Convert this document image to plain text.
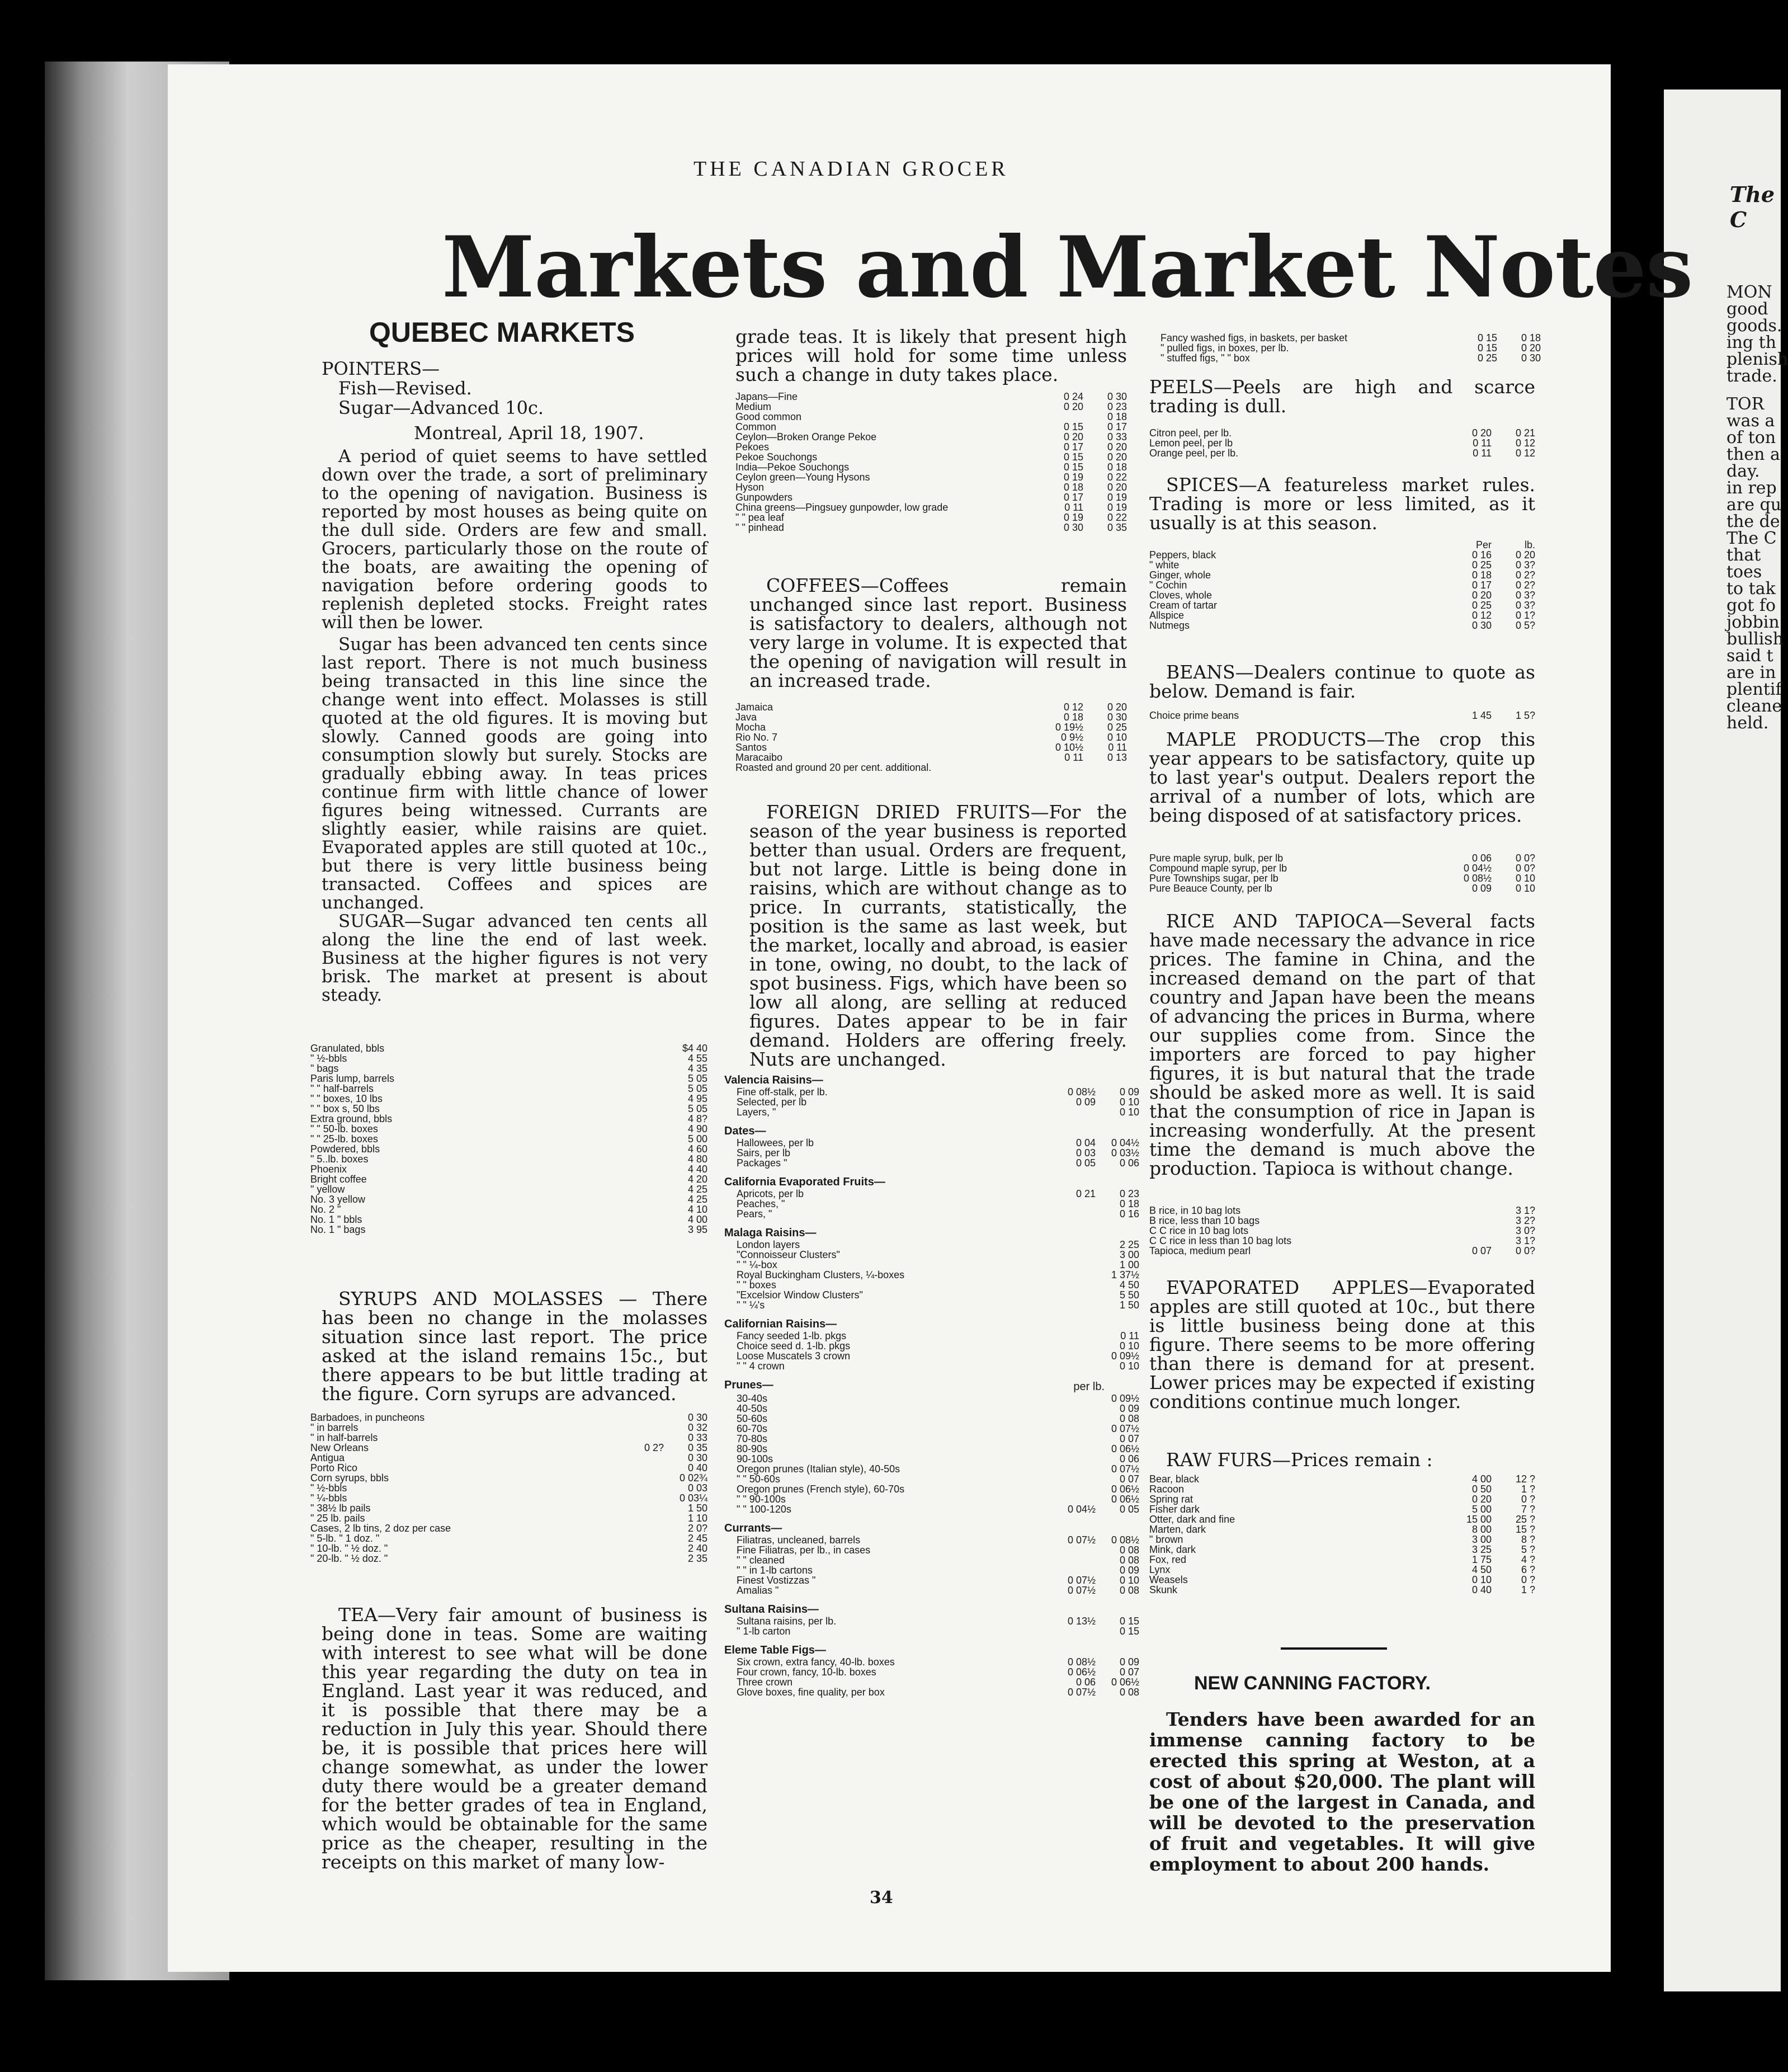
The C
MON
good
goods.
ing th
plenish
trade.
TOR
was a
of ton
then a
day.
in rep
are qu
the de
The C
that
toes
to tak
got fo
jobbin
bullish
said t
are in
plentif
cleane
held.
THE CANADIAN GROCER
Markets and Market Notes
QUEBEC MARKETS
POINTERS—
Fish—Revised.
Sugar—Advanced 10c.
Montreal, April 18, 1907.

A period of quiet seems to have settled down over the trade, a sort of preliminary to the opening of navigation. Business is reported by most houses as being quite on the dull side. Orders are few and small. Grocers, particularly those on the route of the boats, are awaiting the opening of navigation before ordering goods to replenish depleted stocks. Freight rates will then be lower.

Sugar has been advanced ten cents since last report. There is not much business being transacted in this line since the change went into effect. Molasses is still quoted at the old figures. It is moving but slowly. Canned goods are going into consumption slowly but surely. Stocks are gradually ebbing away. In teas prices continue firm with little chance of lower figures being witnessed. Currants are slightly easier, while raisins are quiet. Evaporated apples are still quoted at 10c., but there is very little business being transacted. Coffees and spices are unchanged.

SUGAR—Sugar advanced ten cents all along the line the end of last week. Business at the higher figures is not very brisk. The market at present is about steady.

Granulated, bbls		$4 40
" ½-bbls		4 55
" bags		4 35
Paris lump, barrels		5 05
" " half-barrels		5 05
" " boxes, 10 lbs		4 95
" " box s, 50 lbs		5 05
Extra ground, bbls		4 8?
" " 50-lb. boxes		4 90
" " 25-lb. boxes		5 00
Powdered, bbls		4 60
" 5..lb. boxes		4 80
Phoenix		4 40
Bright coffee		4 20
" yellow		4 25
No. 3 yellow		4 25
No. 2 "		4 10
No. 1 " bbls		4 00
No. 1 " bags		3 95

SYRUPS AND MOLASSES — There has been no change in the molasses situation since last report. The price asked at the island remains 15c., but there appears to be but little trading at the figure. Corn syrups are advanced.

Barbadoes, in puncheons		0 30
" in barrels		0 32
" in half-barrels		0 33
New Orleans	0 2?	0 35
Antigua		0 30
Porto Rico		0 40
Corn syrups, bbls		0 02¾
" ½-bbls		0 03
" ¼-bbls		0 03¼
" 38½ lb pails		1 50
" 25 lb. pails		1 10
Cases, 2 lb tins, 2 doz per case		2 0?
" 5-lb. " 1 doz. "		2 45
" 10-lb. " ½ doz. "		2 40
" 20-lb. " ½ doz. "		2 35

TEA—Very fair amount of business is being done in teas. Some are waiting with interest to see what will be done this year regarding the duty on tea in England. Last year it was reduced, and it is possible that there may be a reduction in July this year. Should there be, it is possible that prices here will change somewhat, as under the lower duty there would be a greater demand for the better grades of tea in England, which would be obtainable for the same price as the cheaper, resulting in the receipts on this market of many low-

grade teas. It is likely that present high prices will hold for some time unless such a change in duty takes place.

Japans—Fine	0 24	0 30
Medium	0 20	0 23
Good common		0 18
Common	0 15	0 17
Ceylon—Broken Orange Pekoe	0 20	0 33
Pekoes	0 17	0 20
Pekoe Souchongs	0 15	0 20
India—Pekoe Souchongs	0 15	0 18
Ceylon green—Young Hysons	0 19	0 22
Hyson	0 18	0 20
Gunpowders	0 17	0 19
China greens—Pingsuey gunpowder, low grade	0 11	0 19
" " pea leaf	0 19	0 22
" " pinhead	0 30	0 35

COFFEES—Coffees remain unchanged since last report. Business is satisfactory to dealers, although not very large in volume. It is expected that the opening of navigation will result in an increased trade.

Jamaica	0 12	0 20
Java	0 18	0 30
Mocha	0 19½	0 25
Rio No. 7	0 9½	0 10
Santos	0 10½	0 11
Maracaibo	0 11	0 13
Roasted and ground 20 per cent. additional.		

FOREIGN DRIED FRUITS—For the season of the year business is reported better than usual. Orders are frequent, but not large. Little is being done in raisins, which are without change as to price. In currants, statistically, the position is the same as last week, but the market, locally and abroad, is easier in tone, owing, no doubt, to the lack of spot business. Figs, which have been so low all along, are selling at reduced figures. Dates appear to be in fair demand. Holders are offering freely. Nuts are unchanged.

Valencia Raisins—
Fine off-stalk, per lb.	0 08½	0 09
Selected, per lb	0 09	0 10
Layers, "		0 10
Dates—
Hallowees, per lb	0 04	0 04½
Sairs, per lb	0 03	0 03½
Packages "	0 05	0 06
California Evaporated Fruits—
Apricots, per lb	0 21	0 23
Peaches, "		0 18
Pears, "		0 16
Malaga Raisins—
London layers		2 25
"Connoisseur Clusters"		3 00
" " ¼-box		1 00
Royal Buckingham Clusters, ¼-boxes		1 37½
" " boxes		4 50
"Excelsior Window Clusters"		5 50
" " ¼'s		1 50
Californian Raisins—
Fancy seeded 1-lb. pkgs		0 11
Choice seed d. 1-lb. pkgs		0 10
Loose Muscatels 3 crown		0 09½
" " 4 crown		0 10
Prunes—	per lb.
30-40s		0 09½
40-50s		0 09
50-60s		0 08
60-70s		0 07½
70-80s		0 07
80-90s		0 06½
90-100s		0 06
Oregon prunes (Italian style), 40-50s		0 07½
" " 50-60s		0 07
Oregon prunes (French style), 60-70s		0 06½
" " 90-100s		0 06½
" " 100-120s	0 04½	0 05
Currants—
Filiatras, uncleaned, barrels	0 07½	0 08½
Fine Filiatras, per lb., in cases		0 08
" " cleaned		0 08
" " in 1-lb cartons		0 09
Finest Vostizzas "	0 07½	0 10
Amalias "	0 07½	0 08
Sultana Raisins—
Sultana raisins, per lb.	0 13½	0 15
" 1-lb carton		0 15
Eleme Table Figs—
Six crown, extra fancy, 40-lb. boxes	0 08½	0 09
Four crown, fancy, 10-lb. boxes	0 06½	0 07
Three crown	0 06	0 06½
Glove boxes, fine quality, per box	0 07½	0 08
34
Fancy washed figs, in baskets, per basket	0 15	0 18
" pulled figs, in boxes, per lb.	0 15	0 20
" stuffed figs, " " box	0 25	0 30

PEELS—Peels are high and scarce trading is dull.

Citron peel, per lb.	0 20	0 21
Lemon peel, per lb	0 11	0 12
Orange peel, per lb.	0 11	0 12

SPICES—A featureless market rules. Trading is more or less limited, as it usually is at this season.

	Per	lb.
Peppers, black	0 16	0 20
" white	0 25	0 3?
Ginger, whole	0 18	0 2?
" Cochin	0 17	0 2?
Cloves, whole	0 20	0 3?
Cream of tartar	0 25	0 3?
Allspice	0 12	0 1?
Nutmegs	0 30	0 5?

BEANS—Dealers continue to quote as below. Demand is fair.

Choice prime beans	1 45	1 5?

MAPLE PRODUCTS—The crop this year appears to be satisfactory, quite up to last year's output. Dealers report the arrival of a number of lots, which are being disposed of at satisfactory prices.

Pure maple syrup, bulk, per lb	0 06	0 0?
Compound maple syrup, per lb	0 04½	0 0?
Pure Townships sugar, per lb	0 08½	0 10
Pure Beauce County, per lb	0 09	0 10

RICE AND TAPIOCA—Several facts have made necessary the advance in rice prices. The famine in China, and the increased demand on the part of that country and Japan have been the means of advancing the prices in Burma, where our supplies come from. Since the importers are forced to pay higher figures, it is but natural that the trade should be asked more as well. It is said that the consumption of rice in Japan is increasing wonderfully. At the present time the demand is much above the production. Tapioca is without change.

B rice, in 10 bag lots		3 1?
B rice, less than 10 bags		3 2?
C C rice in 10 bag lots		3 0?
C C rice in less than 10 bag lots		3 1?
Tapioca, medium pearl	0 07	0 0?

EVAPORATED APPLES—Evaporated apples are still quoted at 10c., but there is little business being done at this figure. There seems to be more offering than there is demand for at present. Lower prices may be expected if existing conditions continue much longer.

RAW FURS—Prices remain :
Bear, black	4 00	12 ?
Racoon	0 50	1 ?
Spring rat	0 20	0 ?
Fisher dark	5 00	7 ?
Otter, dark and fine	15 00	25 ?
Marten, dark	8 00	15 ?
" brown	3 00	8 ?
Mink, dark	3 25	5 ?
Fox, red	1 75	4 ?
Lynx	4 50	6 ?
Weasels	0 10	0 ?
Skunk	0 40	1 ?
NEW CANNING FACTORY.

Tenders have been awarded for an immense canning factory to be erected this spring at Weston, at a cost of about $20,000. The plant will be one of the largest in Canada, and will be devoted to the preservation of fruit and vegetables. It will give employment to about 200 hands.
